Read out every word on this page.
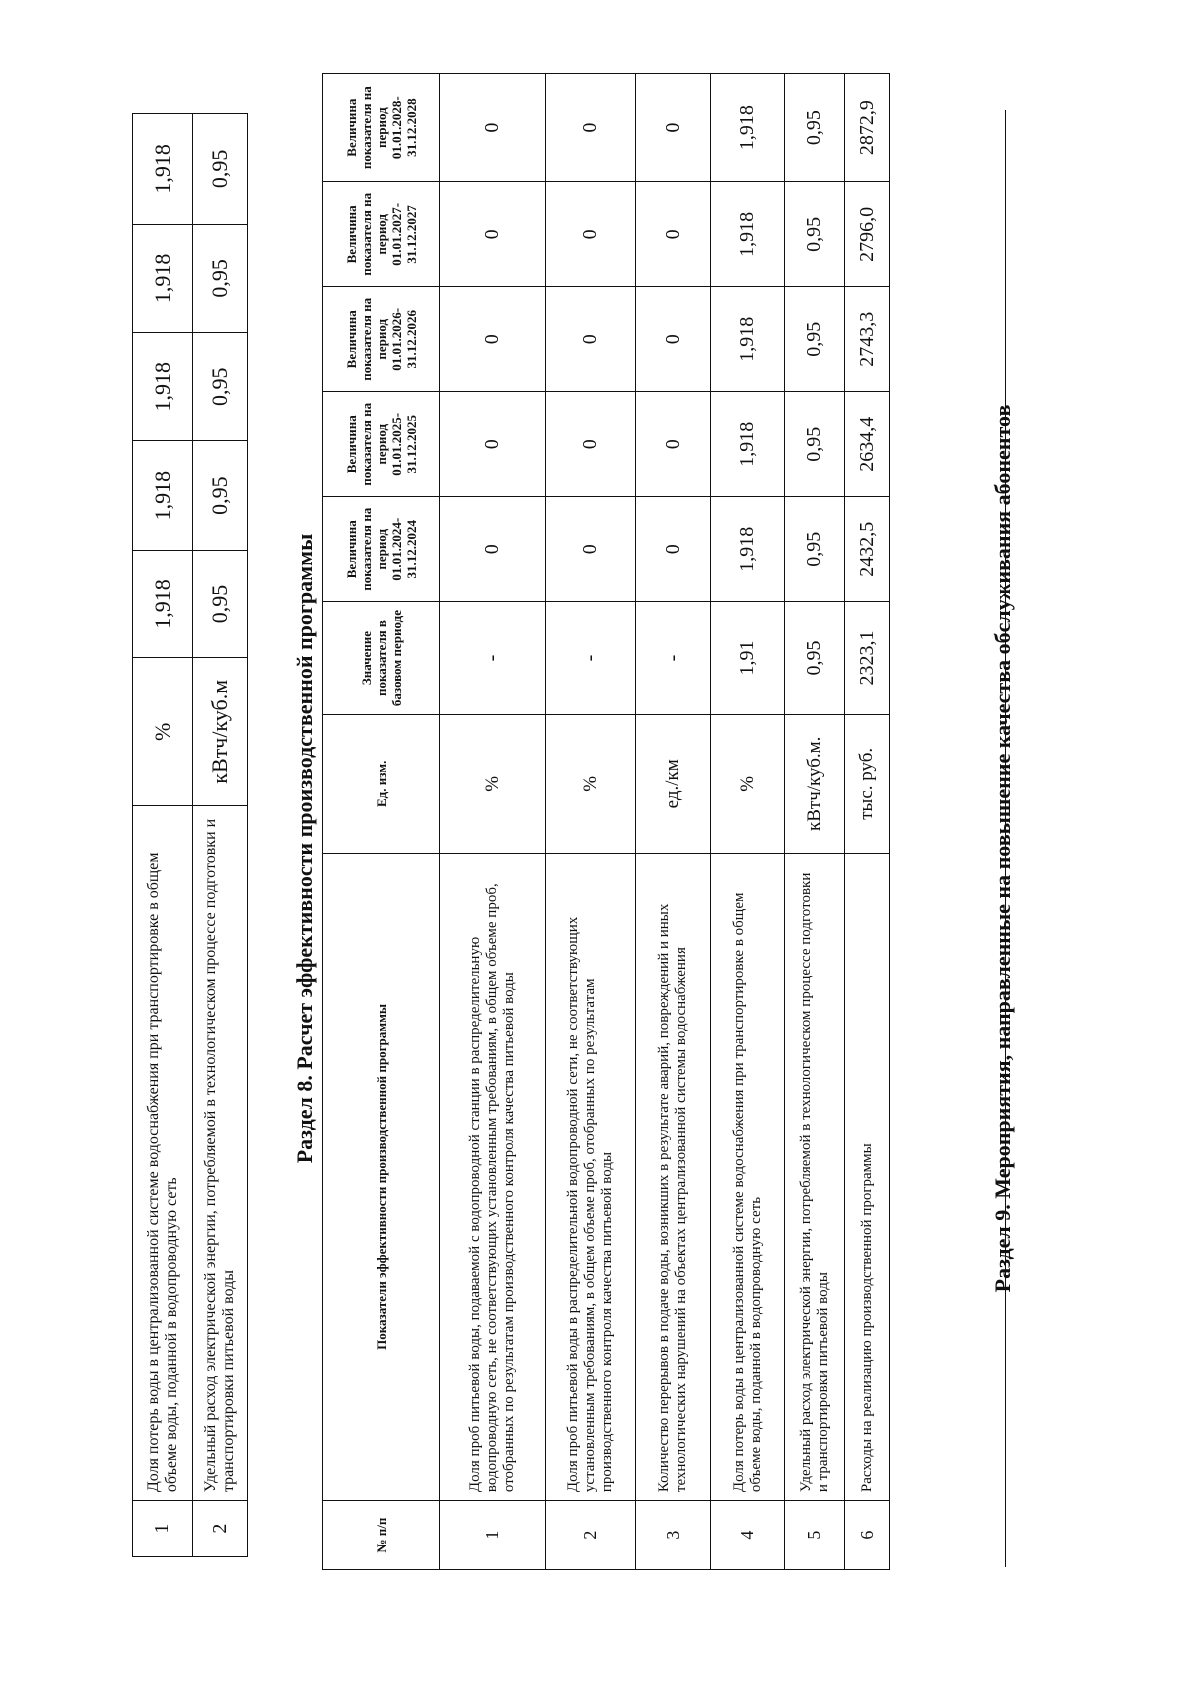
1	Доля потерь воды в централизованной системе водоснабжения при транспортировке в общем объеме воды, поданной в водопроводную сеть	%	1,918	1,918	1,918	1,918	1,918
2	Удельный расход электрической энергии, потребляемой в технологическом процессе подготовки и транспортировки питьевой воды	кВтч/куб.м	0,95	0,95	0,95	0,95	0,95
Раздел 8. Расчет эффективности производственной программы
№ п/п	Показатели эффективности производственной программы	Ед. изм.	Значение показателя в базовом периоде	Величина показателя на период 01.01.2024-31.12.2024	Величина показателя на период 01.01.2025-31.12.2025	Величина показателя на период 01.01.2026-31.12.2026	Величина показателя на период 01.01.2027-31.12.2027	Величина показателя на период 01.01.2028-31.12.2028
1	Доля проб питьевой воды, подаваемой с водопроводной станции в распределительную водопроводную сеть, не соответствующих установленным требованиям, в общем объеме проб, отобранных по результатам производственного контроля качества питьевой воды	%	-	0	0	0	0	0
2	Доля проб питьевой воды в распределительной водопроводной сети, не соответствующих установленным требованиям, в общем объеме проб, отобранных по результатам производственного контроля качества питьевой воды	%	-	0	0	0	0	0
3	Количество перерывов в подаче воды, возникших в результате аварий, повреждений и иных технологических нарушений на объектах централизованной системы водоснабжения	ед./км	-	0	0	0	0	0
4	Доля потерь воды в централизованной системе водоснабжения при транспортировке в общем объеме воды, поданной в водопроводную сеть	%	1,91	1,918	1,918	1,918	1,918	1,918
5	Удельный расход электрической энергии, потребляемой в технологическом процессе подготовки и транспортировки питьевой воды	кВтч/куб.м.	0,95	0,95	0,95	0,95	0,95	0,95
6	Расходы на реализацию производственной программы	тыс. руб.	2323,1	2432,5	2634,4	2743,3	2796,0	2872,9
Раздел 9. Мероприятия, направленные на повышение качества обслуживания абонентов
